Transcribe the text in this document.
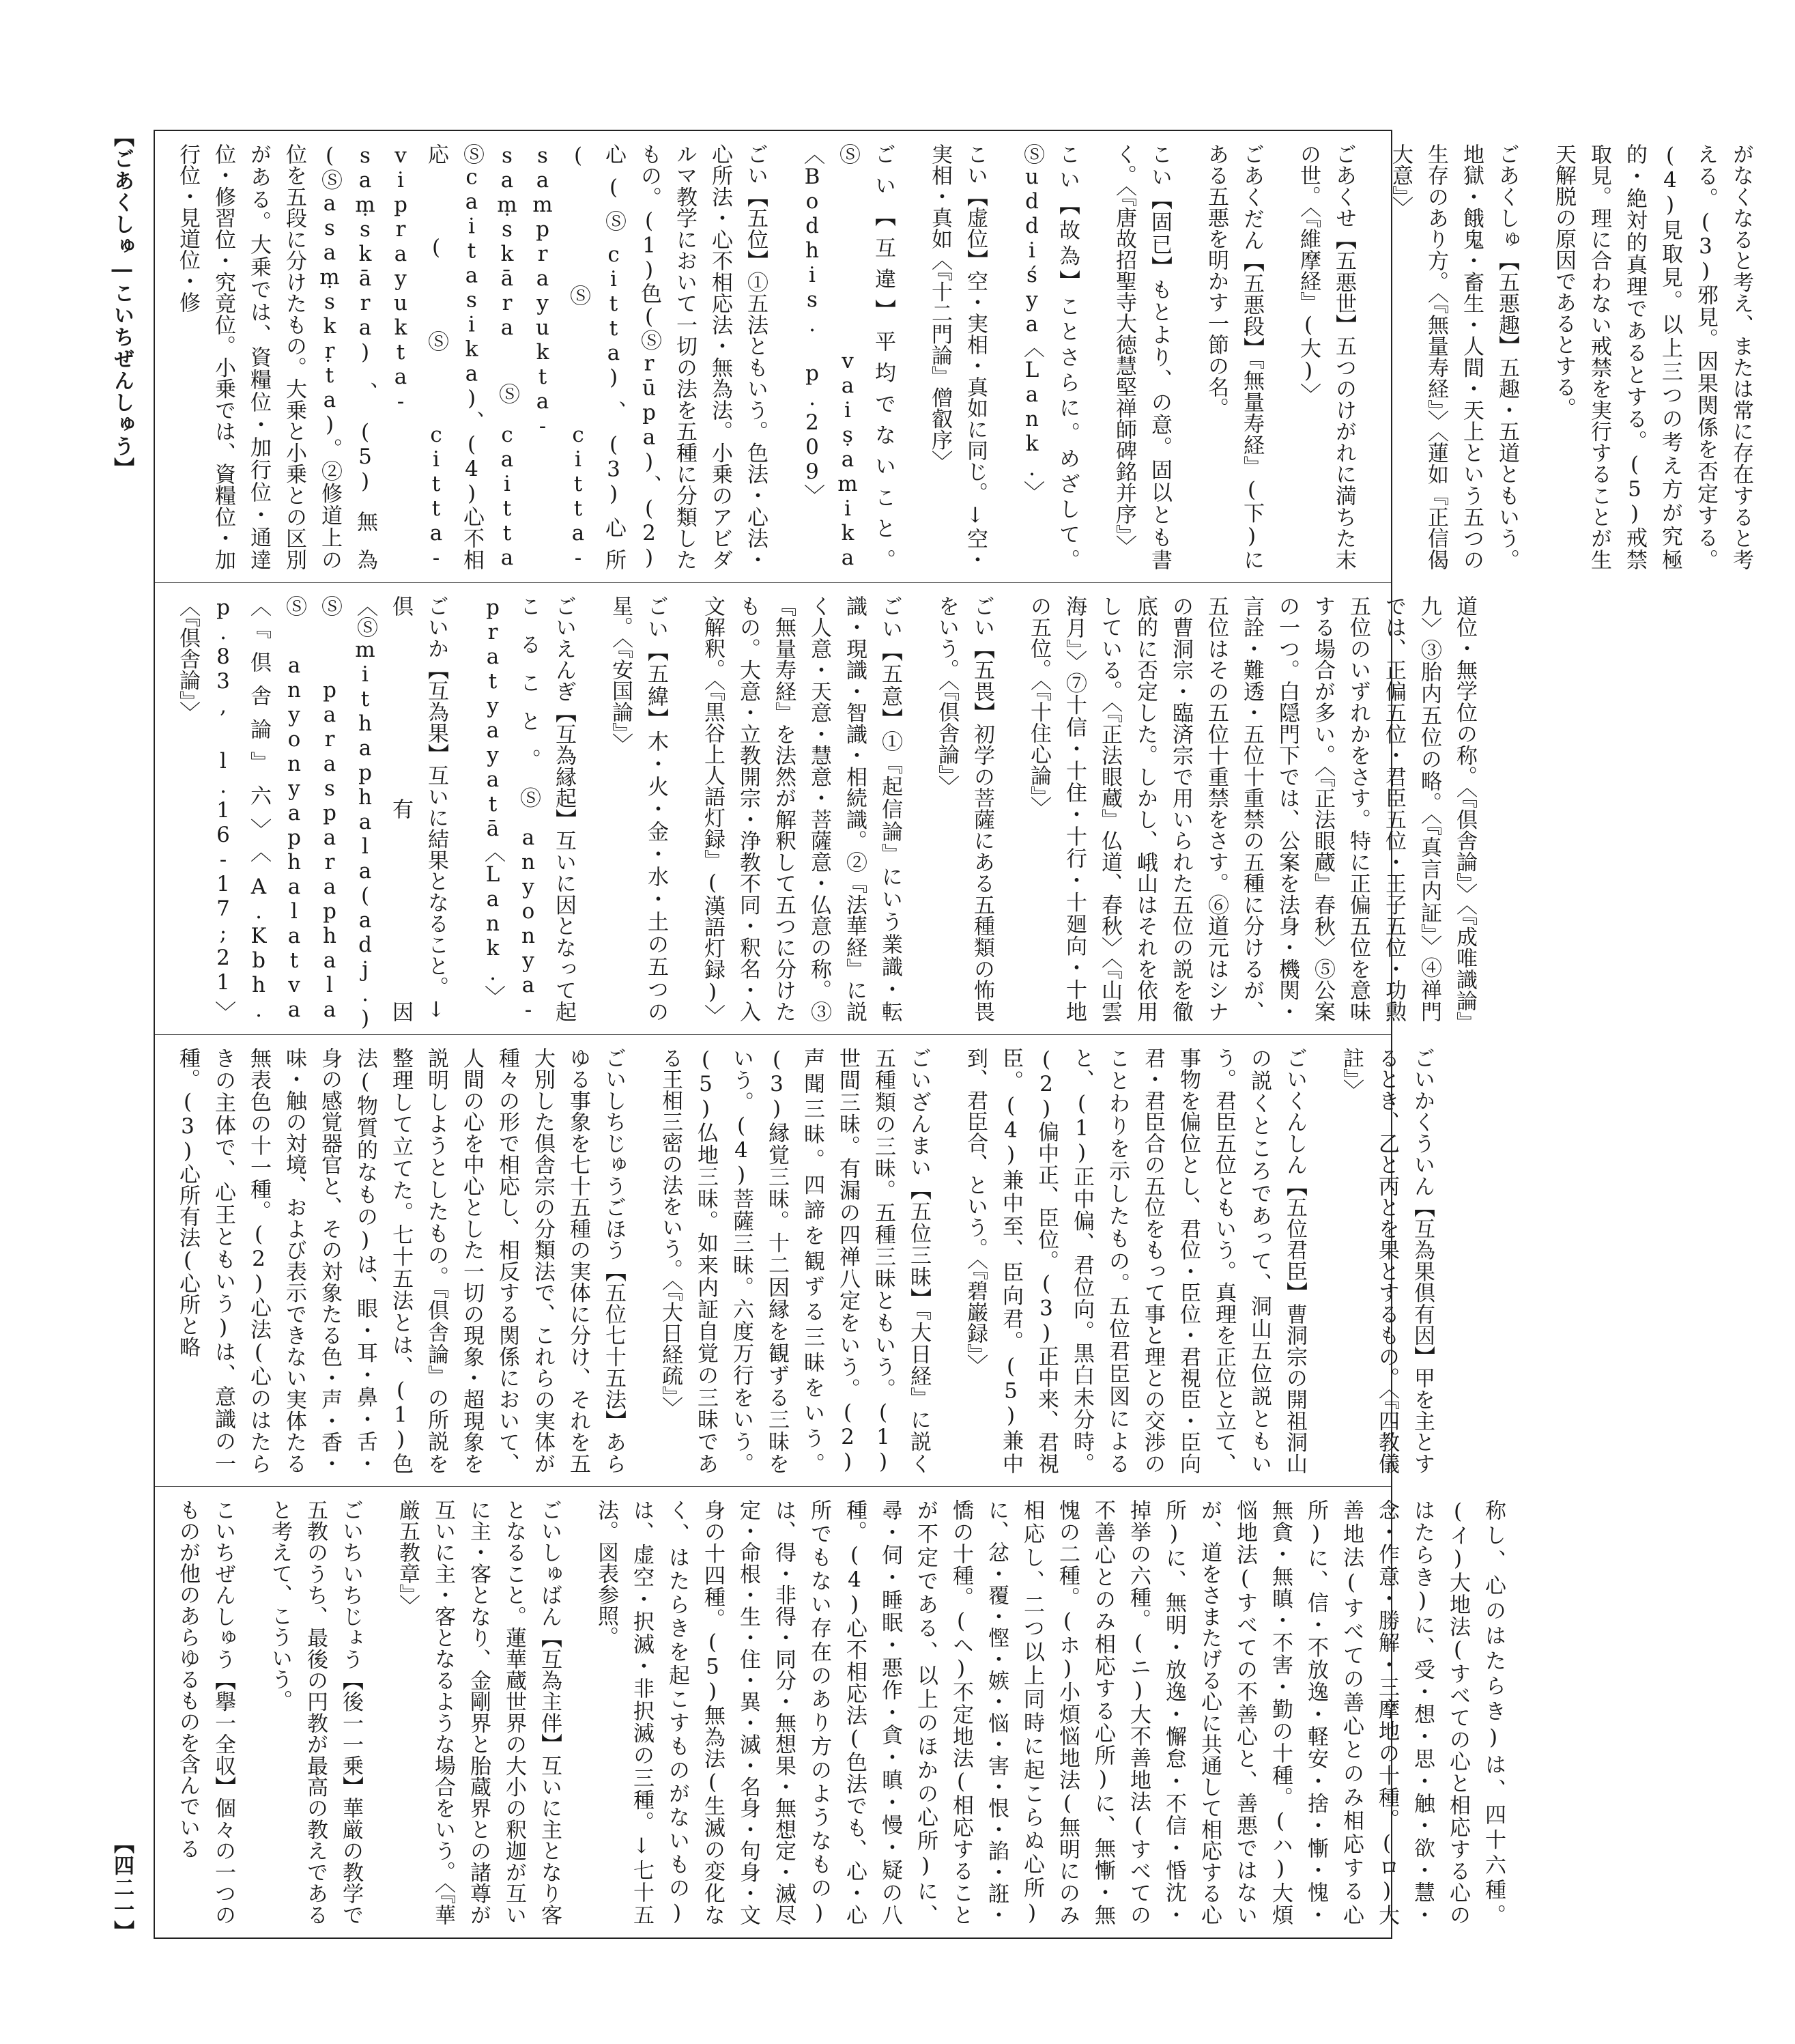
【ごあくしゅ―こいちぜんしゅう】
【四二一】

がなくなると考え、または常に存在すると考える。(3)邪見。因果関係を否定する。(4)見取見。以上三つの考え方が究極的・絶対的真理であるとする。(5)戒禁取見。理に合わない戒禁を実行することが生天解脱の原因であるとする。

ごあくしゅ【五悪趣】五趣・五道ともいう。地獄・餓鬼・畜生・人間・天上という五つの生存のあり方。〈『無量寿経』〉〈蓮如『正信偈大意』〉

ごあくせ【五悪世】五つのけがれに満ちた末の世。〈『維摩経』(大)〉

ごあくだん【五悪段】『無量寿経』(下)にある五悪を明かす一節の名。

こい【固已】もとより、の意。固以とも書く。〈『唐故招聖寺大徳慧堅禅師碑銘并序』〉

こい【故為】ことさらに。めざして。Ⓢuddiśya〈Lank.〉

こい【虚位】空・実相・真如に同じ。↓空・実相・真如〈『十二門論』僧叡序〉

ごい【互違】平均でないこと。Ⓢvaiṣamika〈Bodhis. p.209〉

ごい【五位】①五法ともいう。色法・心法・心所法・心不相応法・無為法。小乗のアビダルマ教学において一切の法を五種に分類したもの。(1)色(Ⓢrūpa)、(2)心(Ⓢcitta)、(3)心所(Ⓢcitta-samprayukta-saṃskāra Ⓢcaitta Ⓢcaitasika)、(4)心不相応(Ⓢcitta-viprayukta-saṃskāra)、(5)無為(Ⓢasaṃskṛta)。②修道上の位を五段に分けたもの。大乗と小乗との区別がある。大乗では、資糧位・加行位・通達位・修習位・究竟位。小乗では、資糧位・加行位・見道位・修

道位・無学位の称。〈『倶舎論』〉〈『成唯識論』九〉③胎内五位の略。〈『真言内証』〉④禅門では、正偏五位・君臣五位・王子五位・功勲五位のいずれかをさす。特に正偏五位を意味する場合が多い。〈『正法眼蔵』春秋〉⑤公案の一つ。白隠門下では、公案を法身・機関・言詮・難透・五位十重禁の五種に分けるが、五位はその五位十重禁をさす。⑥道元はシナの曹洞宗・臨済宗で用いられた五位の説を徹底的に否定した。しかし、峨山はそれを依用している。〈『正法眼蔵』仏道、春秋〉〈『山雲海月』〉⑦十信・十住・十行・十廻向・十地の五位。〈『十住心論』〉

ごい【五畏】初学の菩薩にある五種類の怖畏をいう。〈『倶舎論』〉

ごい【五意】①『起信論』にいう業識・転識・現識・智識・相続識。②『法華経』に説く人意・天意・慧意・菩薩意・仏意の称。③『無量寿経』を法然が解釈して五つに分けたもの。大意・立教開宗・浄教不同・釈名・入文解釈。〈『黒谷上人語灯録』(漢語灯録)〉

ごい【五緯】木・火・金・水・土の五つの星。〈『安国論』〉

ごいえんぎ【互為縁起】互いに因となって起こること。Ⓢanyonya-pratyayatā〈Lank.〉

ごいか【互為果】互いに結果となること。↓倶有因〈Ⓢmithaphala(adj.) Ⓢparasparaphala Ⓢanyonyaphalatva〈『倶舎論』六〉〈A.Kbh. p.83, l.16-17;21〉〈『倶舎論』〉

ごいかくういん【互為果倶有因】甲を主とするとき、乙と丙とを果とするもの。〈『四教儀註』〉

ごいくんしん【五位君臣】曹洞宗の開祖洞山の説くところであって、洞山五位説ともいう。君臣五位ともいう。真理を正位と立て、事物を偏位とし、君位・臣位・君視臣・臣向君・君臣合の五位をもって事と理との交渉のことわりを示したもの。五位君臣図によると、(1)正中偏、君位向。黒白未分時。(2)偏中正、臣位。(3)正中来、君視臣。(4)兼中至、臣向君。(5)兼中到、君臣合、という。〈『碧巌録』〉

ごいざんまい【五位三昧】『大日経』に説く五種類の三昧。五種三昧ともいう。(1)世間三昧。有漏の四禅八定をいう。(2)声聞三昧。四諦を観ずる三昧をいう。(3)縁覚三昧。十二因縁を観ずる三昧をいう。(4)菩薩三昧。六度万行をいう。(5)仏地三昧。如来内証自覚の三昧である王相三密の法をいう。〈『大日経疏』〉

ごいしちじゅうごほう【五位七十五法】あらゆる事象を七十五種の実体に分け、それを五大別した倶舎宗の分類法で、これらの実体が種々の形で相応し、相反する関係において、人間の心を中心とした一切の現象・超現象を説明しようとしたもの。『倶舎論』の所説を整理して立てた。七十五法とは、(1)色法(物質的なもの)は、眼・耳・鼻・舌・身の感覚器官と、その対象たる色・声・香・味・触の対境、および表示できない実体たる無表色の十一種。(2)心法(心のはたらきの主体で、心王ともいう)は、意識の一種。(3)心所有法(心所と略

称し、心のはたらき)は、四十六種。(イ)大地法(すべての心と相応する心のはたらき)に、受・想・思・触・欲・慧・念・作意・勝解・三摩地の十種。(ロ)大善地法(すべての善心とのみ相応する心所)に、信・不放逸・軽安・捨・慚・愧・無貪・無瞋・不害・勤の十種。(ハ)大煩悩地法(すべての不善心と、善悪ではないが、道をさまたげる心に共通して相応する心所)に、無明・放逸・懈怠・不信・惛沈・掉挙の六種。(ニ)大不善地法(すべての不善心とのみ相応する心所)に、無慚・無愧の二種。(ホ)小煩悩地法(無明にのみ相応し、二つ以上同時に起こらぬ心所)に、忿・覆・慳・嫉・悩・害・恨・諂・誑・憍の十種。(ヘ)不定地法(相応することが不定である、以上のほかの心所)に、尋・伺・睡眠・悪作・貪・瞋・慢・疑の八種。(4)心不相応法(色法でも、心・心所でもない存在のあり方のようなもの)は、得・非得・同分・無想果・無想定・滅尽定・命根・生・住・異・滅・名身・句身・文身の十四種。(5)無為法(生滅の変化なく、はたらきを起こすものがないもの)は、虚空・択滅・非択滅の三種。↓七十五法。図表参照。

ごいしゅばん【互為主伴】互いに主となり客となること。蓮華蔵世界の大小の釈迦が互いに主・客となり、金剛界と胎蔵界との諸尊が互いに主・客となるような場合をいう。〈『華厳五教章』〉

ごいちいちじょう【後一一乗】華厳の教学で五教のうち、最後の円教が最高の教えであると考えて、こういう。

こいちぜんしゅう【擧一全収】個々の一つのものが他のあらゆるものを含んでいる
